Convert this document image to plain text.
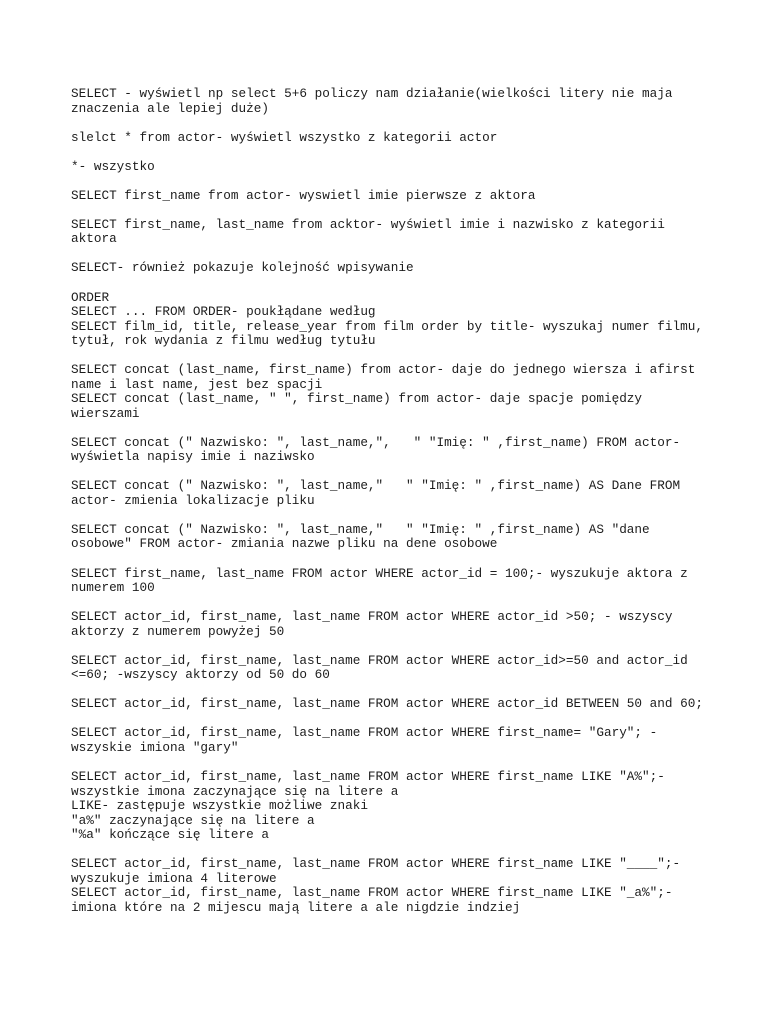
SELECT - wyświetl np select 5+6 policzy nam działanie(wielkości litery nie maja
znaczenia ale lepiej duże)
slelct * from actor- wyświetl wszystko z kategorii actor
*- wszystko
SELECT first_name from actor- wyswietl imie pierwsze z aktora
SELECT first_name, last_name from acktor- wyświetl imie i nazwisko z kategorii
aktora
SELECT- również pokazuje kolejność wpisywanie
ORDER
SELECT ... FROM ORDER- poukłądane według
SELECT film_id, title, release_year from film order by title- wyszukaj numer filmu,
tytuł, rok wydania z filmu według tytułu
SELECT concat (last_name, first_name) from actor- daje do jednego wiersza i afirst
name i last name, jest bez spacji
SELECT concat (last_name, " ", first_name) from actor- daje spacje pomiędzy
wierszami
SELECT concat (" Nazwisko: ", last_name,",   " "Imię: " ,first_name) FROM actor-
wyświetla napisy imie i naziwsko
SELECT concat (" Nazwisko: ", last_name,"   " "Imię: " ,first_name) AS Dane FROM
actor- zmienia lokalizacje pliku
SELECT concat (" Nazwisko: ", last_name,"   " "Imię: " ,first_name) AS "dane
osobowe" FROM actor- zmiania nazwe pliku na dene osobowe
SELECT first_name, last_name FROM actor WHERE actor_id = 100;- wyszukuje aktora z
numerem 100
SELECT actor_id, first_name, last_name FROM actor WHERE actor_id >50; - wszyscy
aktorzy z numerem powyżej 50
SELECT actor_id, first_name, last_name FROM actor WHERE actor_id>=50 and actor_id
<=60; -wszyscy aktorzy od 50 do 60
SELECT actor_id, first_name, last_name FROM actor WHERE actor_id BETWEEN 50 and 60;
SELECT actor_id, first_name, last_name FROM actor WHERE first_name= "Gary"; -
wszyskie imiona "gary"
SELECT actor_id, first_name, last_name FROM actor WHERE first_name LIKE "A%";-
wszystkie imona zaczynające się na litere a
LIKE- zastępuje wszystkie możliwe znaki
"a%" zaczynające się na litere a
"%a" kończące się litere a
SELECT actor_id, first_name, last_name FROM actor WHERE first_name LIKE "____";-
wyszukuje imiona 4 literowe
SELECT actor_id, first_name, last_name FROM actor WHERE first_name LIKE "_a%";-
imiona które na 2 mijescu mają litere a ale nigdzie indziej
